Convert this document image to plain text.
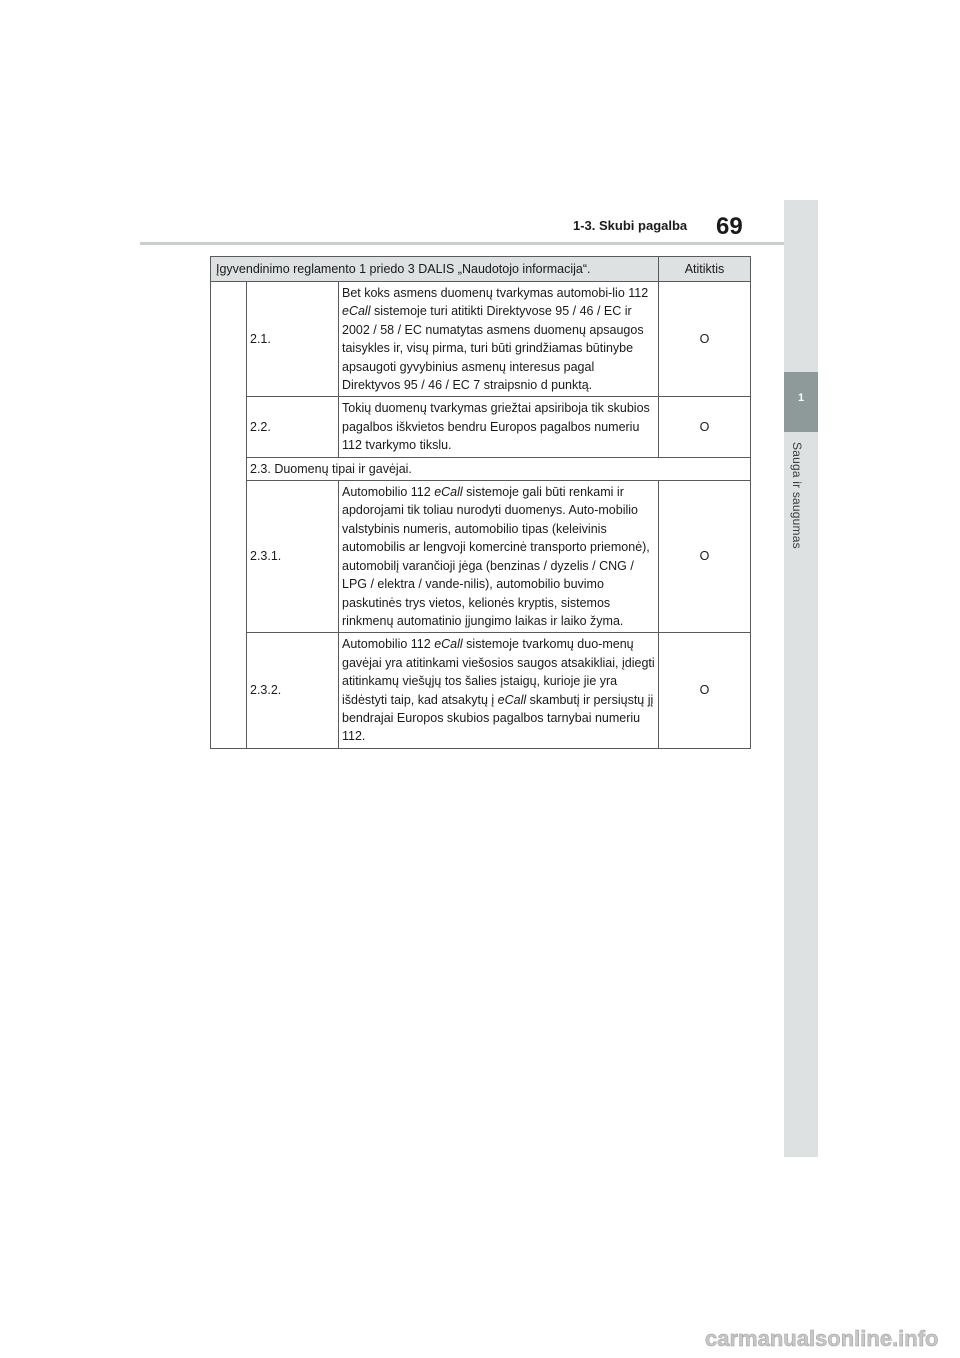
1-3. Skubi pagalba 69
1
Sauga ir saugumas
Įgyvendinimo reglamento 1 priedo 3 DALIS „Naudotojo informacija“.			Atitiktis
	2.1.	Bet koks asmens duomenų tvarkymas automobi-lio 112 eCall sistemoje turi atitikti Direktyvose 95 / 46 / EC ir 2002 / 58 / EC numatytas asmens duomenų apsaugos taisykles ir, visų pirma, turi būti grindžiamas būtinybe apsaugoti gyvybinius asmenų interesus pagal Direktyvos 95 / 46 / EC 7 straipsnio d punktą.	O
	2.2.	Tokių duomenų tvarkymas griežtai apsiriboja tik skubios pagalbos iškvietos bendru Europos pagalbos numeriu 112 tvarkymo tikslu.	O
	2.3. Duomenų tipai ir gavėjai.		
	2.3.1.	Automobilio 112 eCall sistemoje gali būti renkami ir apdorojami tik toliau nurodyti duomenys. Auto-mobilio valstybinis numeris, automobilio tipas (keleivinis automobilis ar lengvoji komercinė transporto priemonė), automobilį varančioji jėga (benzinas / dyzelis / CNG / LPG / elektra / vande-nilis), automobilio buvimo paskutinės trys vietos, kelionės kryptis, sistemos rinkmenų automatinio įjungimo laikas ir laiko žyma.	O
	2.3.2.	Automobilio 112 eCall sistemoje tvarkomų duo-menų gavėjai yra atitinkami viešosios saugos atsakikliai, įdiegti atitinkamų viešųjų tos šalies įstaigų, kurioje jie yra išdėstyti taip, kad atsakytų į eCall skambutį ir persiųstų jį bendrajai Europos skubios pagalbos tarnybai numeriu 112.	O
carmanualsonline.info
